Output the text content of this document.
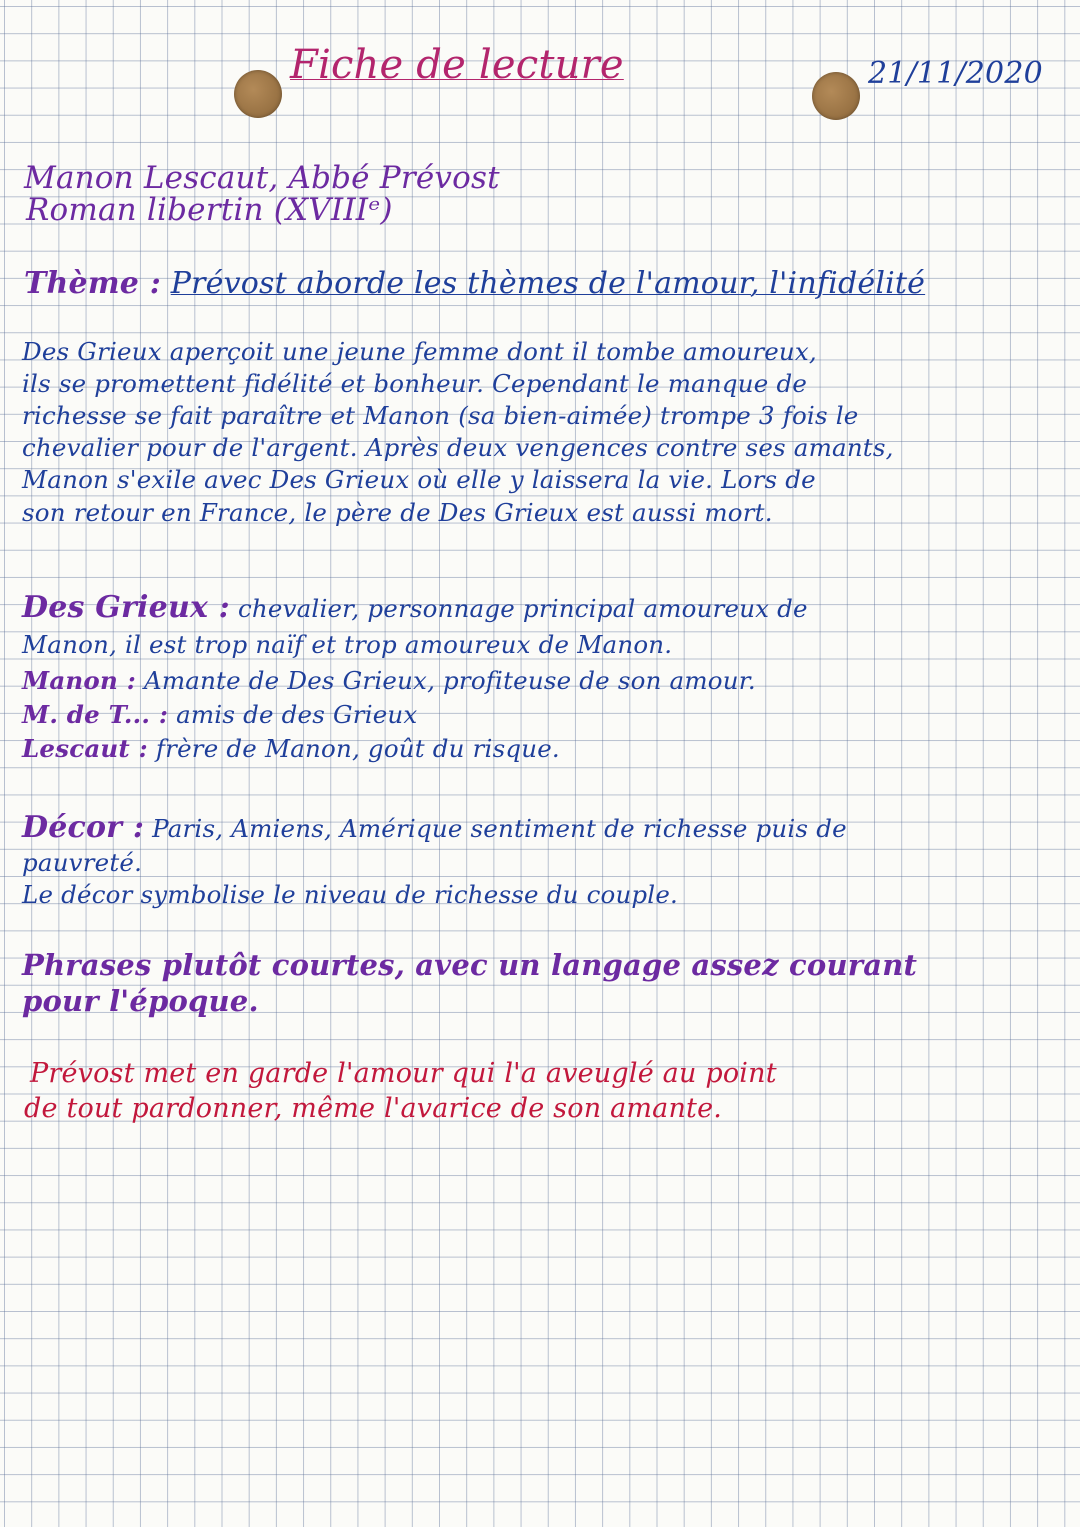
Fiche de lecture	21/11/2020
Manon Lescaut, Abbé Prévost
Roman libertin (XVIIIᵉ)
Thème : Prévost aborde les thèmes de l'amour, l'infidélité
Des Grieux aperçoit une jeune femme dont il tombe amoureux,
ils se promettent fidélité et bonheur. Cependant le manque de
richesse se fait paraître et Manon (sa bien-aimée) trompe 3 fois le
chevalier pour de l'argent. Après deux vengences contre ses amants,
Manon s'exile avec Des Grieux où elle y laissera la vie. Lors de
son retour en France, le père de Des Grieux est aussi mort.
Des Grieux : chevalier, personnage principal amoureux de
Manon, il est trop naïf et trop amoureux de Manon.
Manon : Amante de Des Grieux, profiteuse de son amour.
M. de T... : amis de des Grieux
Lescaut : frère de Manon, goût du risque.
Décor : Paris, Amiens, Amérique sentiment de richesse puis de
pauvreté.
Le décor symbolise le niveau de richesse du couple.
Phrases plutôt courtes, avec un langage assez courant
pour l'époque.
Prévost met en garde l'amour qui l'a aveuglé au point
de tout pardonner, même l'avarice de son amante.
